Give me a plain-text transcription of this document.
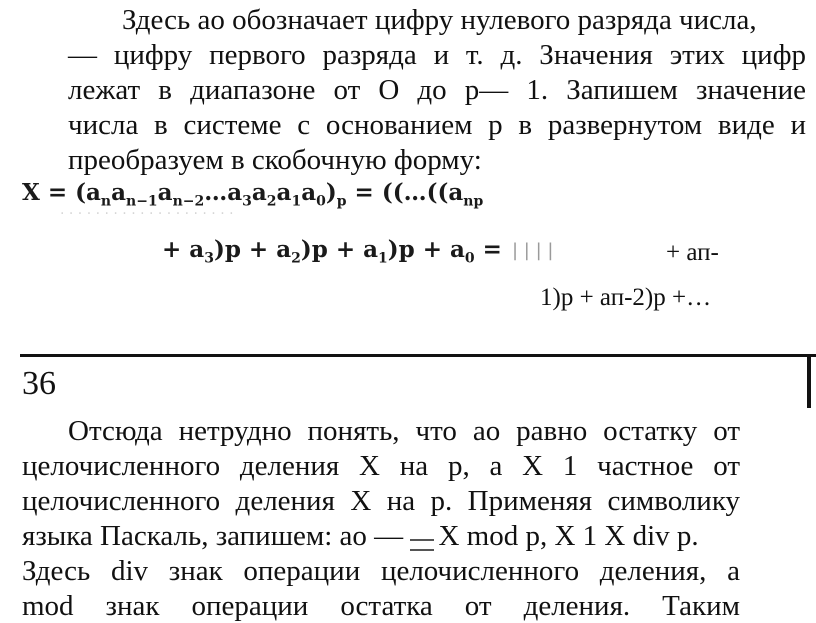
Здесь ао обозначает цифру нулевого разряда числа,

— цифру первого разряда и т. д. Значения этих цифр

лежат в диапазоне от О до р— 1. Запишем значение

числа в системе с основанием р в развернутом виде и

преобразуем в скобочную форму:

· · · · · · · · · · · · · · · · · · · ·
$X = (a_na_{n-1}a_{n-2}\dots a_3a_2a_1a_0)_p$ = (($\dots((a_{np}$
+ $a_3)p + a_2)p + a_1)p + a_0$ = | | | |	+ ап-

1)р + ап-2)р +…

36

Отсюда нетрудно понять, что ао равно остатку от

целочисленного деления X на р, а X 1 частное от

целочисленного деления X на р. Применяя символику

языка Паскаль, запишем: ао — X mod p, X 1 X div p.

Здесь div знак операции целочисленного деления, а

mod знак операции остатка от деления. Таким
